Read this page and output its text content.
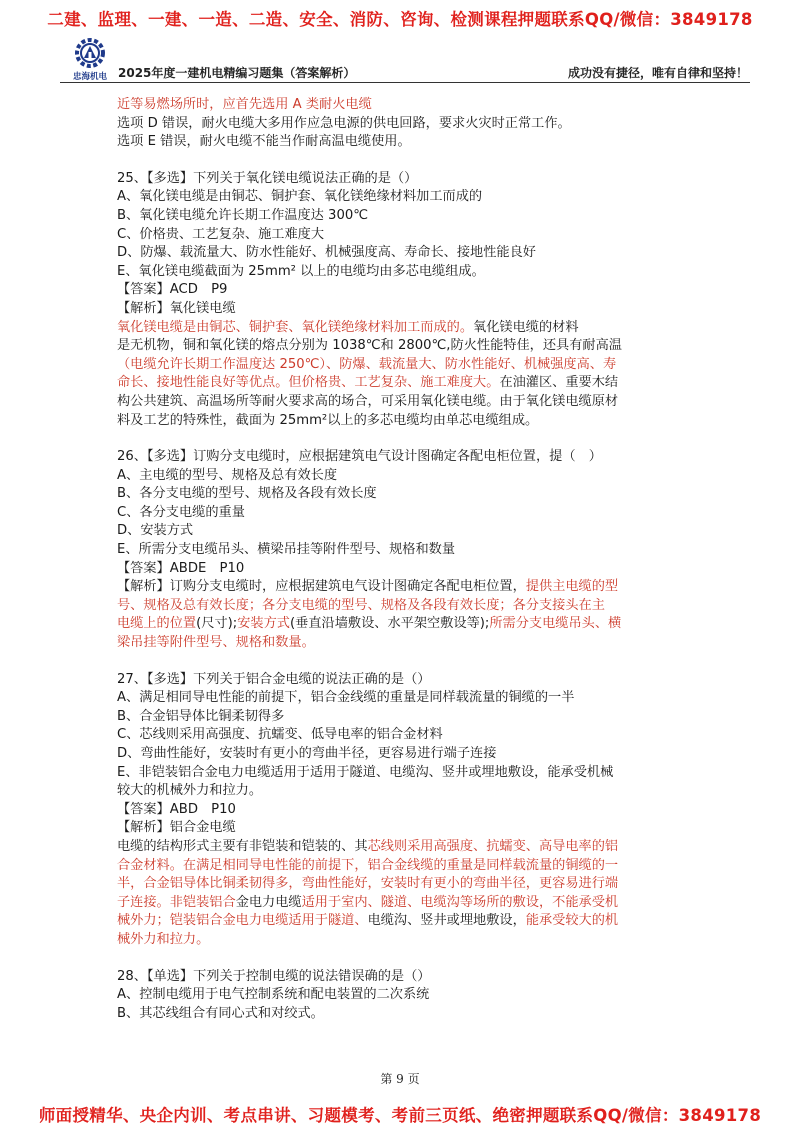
二建、监理、一建、一造、二造、安全、消防、咨询、检测课程押题联系QQ/微信：3849178
忠海机电 2025年度一建机电精编习题集（答案解析）	成功没有捷径，唯有自律和坚持！
近等易燃场所时，应首先选用 A 类耐火电缆
选项 D 错误，耐火电缆大多用作应急电源的供电回路，要求火灾时正常工作。
选项 E 错误，耐火电缆不能当作耐高温电缆使用。
25、【多选】下列关于氧化镁电缆说法正确的是（）
A、氧化镁电缆是由铜芯、铜护套、氧化镁绝缘材料加工而成的
B、氧化镁电缆允许长期工作温度达 300℃
C、价格贵、工艺复杂、施工难度大
D、防爆、载流量大、防水性能好、机械强度高、寿命长、接地性能良好
E、氧化镁电缆截面为 25mm² 以上的电缆均由多芯电缆组成。
【答案】ACD　P9
【解析】氧化镁电缆
氧化镁电缆是由铜芯、铜护套、氧化镁绝缘材料加工而成的。氧化镁电缆的材料
是无机物，铜和氧化镁的熔点分别为 1038℃和 2800℃,防火性能特佳，还具有耐高温
（电缆允许长期工作温度达 250℃）、防爆、载流量大、防水性能好、机械强度高、寿
命长、接地性能良好等优点。但价格贵、工艺复杂、施工难度大。在油灌区、重要木结
构公共建筑、高温场所等耐火要求高的场合，可采用氧化镁电缆。由于氧化镁电缆原材
料及工艺的特殊性，截面为 25mm²以上的多芯电缆均由单芯电缆组成。
26、【多选】订购分支电缆时，应根据建筑电气设计图确定各配电柜位置，提（　）
A、主电缆的型号、规格及总有效长度
B、各分支电缆的型号、规格及各段有效长度
C、各分支电缆的重量
D、安装方式
E、所需分支电缆吊头、横梁吊挂等附件型号、规格和数量
【答案】ABDE　P10
【解析】订购分支电缆时，应根据建筑电气设计图确定各配电柜位置，提供主电缆的型
号、规格及总有效长度；各分支电缆的型号、规格及各段有效长度；各分支接头在主
电缆上的位置(尺寸);安装方式(垂直沿墙敷设、水平架空敷设等);所需分支电缆吊头、横
梁吊挂等附件型号、规格和数量。
27、【多选】下列关于铝合金电缆的说法正确的是（）
A、满足相同导电性能的前提下，铝合金线缆的重量是同样载流量的铜缆的一半
B、合金铝导体比铜柔韧得多
C、芯线则采用高强度、抗蠕变、低导电率的铝合金材料
D、弯曲性能好，安装时有更小的弯曲半径，更容易进行端子连接
E、非铠装铝合金电力电缆适用于适用于隧道、电缆沟、竖井或埋地敷设，能承受机械
较大的机械外力和拉力。
【答案】ABD　P10
【解析】铝合金电缆
电缆的结构形式主要有非铠装和铠装的、其芯线则采用高强度、抗蠕变、高导电率的铝
合金材料。在满足相同导电性能的前提下，铝合金线缆的重量是同样载流量的铜缆的一
半，合金铝导体比铜柔韧得多，弯曲性能好，安装时有更小的弯曲半径，更容易进行端
子连接。非铠装铝合金电力电缆适用于室内、隧道、电缆沟等场所的敷设，不能承受机
械外力；铠装铝合金电力电缆适用于隧道、电缆沟、竖井或埋地敷设，能承受较大的机
械外力和拉力。
28、【单选】下列关于控制电缆的说法错误确的是（）
A、控制电缆用于电气控制系统和配电装置的二次系统
B、其芯线组合有同心式和对绞式。
第 9 页
师面授精华、央企内训、考点串讲、习题模考、考前三页纸、绝密押题联系QQ/微信：3849178
